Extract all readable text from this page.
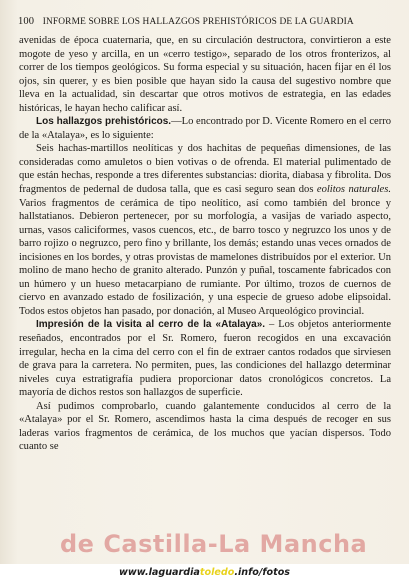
100 INFORME SOBRE LOS HALLAZGOS PREHISTÓRICOS DE LA GUARDIA

avenidas de época cuaternaria, que, en su circulación destructora, convirtieron a este mogote de yeso y arcilla, en un «cerro testigo», separado de los otros fronterizos, al correr de los tiempos geológicos. Su forma especial y su situación, hacen fijar en él los ojos, sin querer, y es bien posible que hayan sido la causa del sugestivo nombre que lleva en la actualidad, sin descartar que otros motivos de estrategia, en las edades históricas, le hayan hecho calificar así.

Los hallazgos prehistóricos.—Lo encontrado por D. Vicente Romero en el cerro de la «Atalaya», es lo siguiente:

Seis hachas-martillos neolíticas y dos hachitas de pequeñas dimensiones, de las consideradas como amuletos o bien votivas o de ofrenda. El material pulimentado de que están hechas, responde a tres diferentes substancias: diorita, diabasa y fibrolita. Dos fragmentos de pedernal de dudosa talla, que es casi seguro sean dos eolitos naturales. Varios fragmentos de cerámica de tipo neolítico, así como también del bronce y hallstatianos. Debieron pertenecer, por su morfología, a vasijas de variado aspecto, urnas, vasos caliciformes, vasos cuencos, etc., de barro tosco y negruzco los unos y de barro rojizo o negruzco, pero fino y brillante, los demás; estando unas veces ornados de incisiones en los bordes, y otras provistas de mamelones distribuídos por el exterior. Un molino de mano hecho de granito alterado. Punzón y puñal, toscamente fabricados con un húmero y un hueso metacarpiano de rumiante. Por último, trozos de cuernos de ciervo en avanzado estado de fosilización, y una especie de grueso adobe elipsoidal. Todos estos objetos han pasado, por donación, al Museo Arqueológico provincial.

Impresión de la visita al cerro de la «Atalaya». – Los objetos anteriormente reseñados, encontrados por el Sr. Romero, fueron recogidos en una excavación irregular, hecha en la cima del cerro con el fin de extraer cantos rodados que sirviesen de grava para la carretera. No permiten, pues, las condiciones del hallazgo determinar niveles cuya estratigrafía pudiera proporcionar datos cronológicos concretos. La mayoría de dichos restos son hallazgos de superficie.

Así pudimos comprobarlo, cuando galantemente conducidos al cerro de la «Atalaya» por el Sr. Romero, ascendimos hasta la cima después de recoger en sus laderas varios fragmentos de cerámica, de los muchos que yacían dispersos. Todo cuanto se

de Castilla-La Mancha
www.laguardiatoledo.info/fotos
